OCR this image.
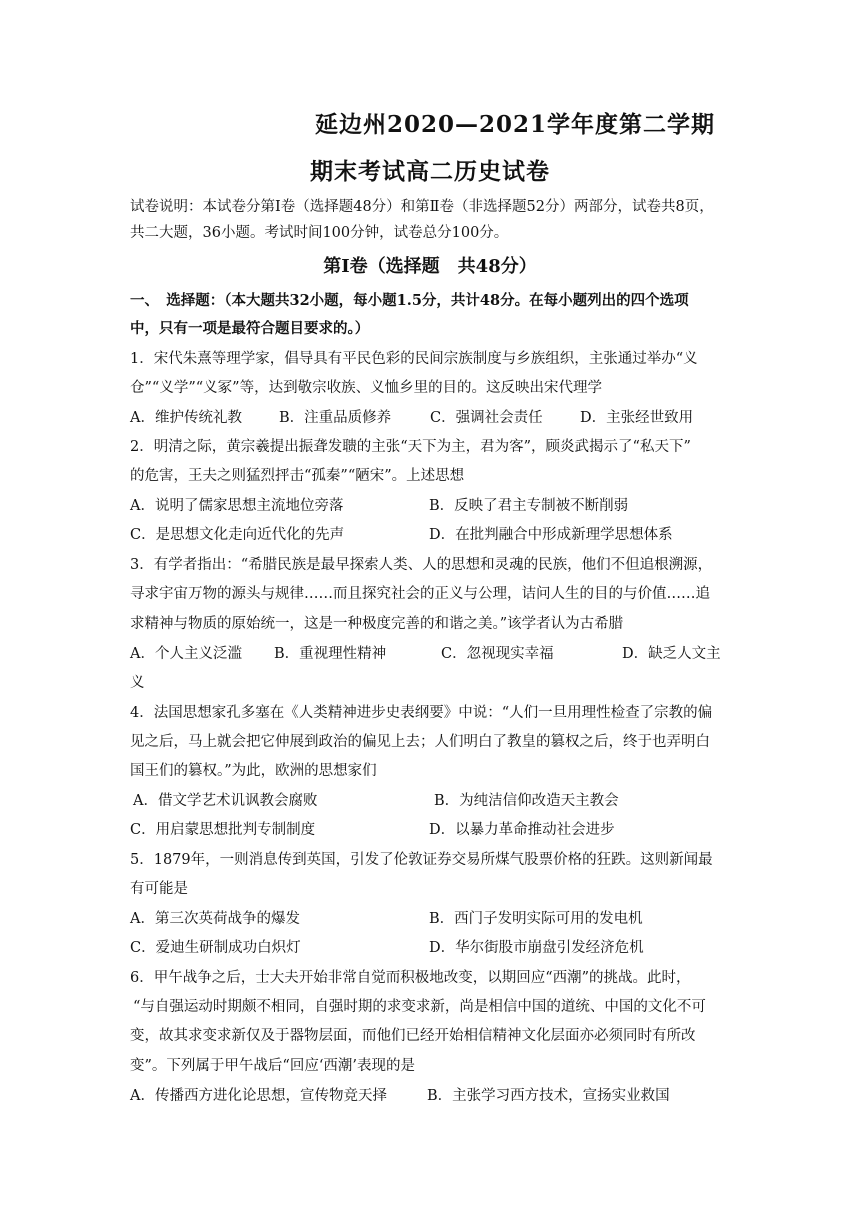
延边州2020—2021学年度第二学期
期末考试高二历史试卷
试卷说明：本试卷分第Ⅰ卷（选择题48分）和第Ⅱ卷（非选择题52分）两部分，试卷共8页，
共二大题，36小题。考试时间100分钟，试卷总分100分。
第Ⅰ卷（选择题　共48分）
一、　选择题：（本大题共32小题，每小题1.5分，共计48分。在每小题列出的四个选项
中，只有一项是最符合题目要求的。）
1．宋代朱熹等理学家，倡导具有平民色彩的民间宗族制度与乡族组织，主张通过举办“义
仓”“义学”“义冢”等，达到敬宗收族、义恤乡里的目的。这反映出宋代理学
A．维护传统礼教	B．注重品质修养	C．强调社会责任	D．主张经世致用
2．明清之际，黄宗羲提出振聋发聩的主张“天下为主，君为客”，顾炎武揭示了“私天下”
的危害，王夫之则猛烈抨击“孤秦”“陋宋”。上述思想
A．说明了儒家思想主流地位旁落	B．反映了君主专制被不断削弱
C．是思想文化走向近代化的先声	D．在批判融合中形成新理学思想体系
3．有学者指出：“希腊民族是最早探索人类、人的思想和灵魂的民族，他们不但追根溯源，
寻求宇宙万物的源头与规律……而且探究社会的正义与公理，诘问人生的目的与价值……追
求精神与物质的原始统一，这是一种极度完善的和谐之美。”该学者认为古希腊
A．个人主义泛滥 B．重视理性精神	C．忽视现实幸福	D．缺乏人文主
义
4．法国思想家孔多塞在《人类精神进步史表纲要》中说：“人们一旦用理性检查了宗教的偏
见之后，马上就会把它伸展到政治的偏见上去；人们明白了教皇的篡权之后，终于也弄明白
国王们的篡权。”为此，欧洲的思想家们
A．借文学艺术讥讽教会腐败	B．为纯洁信仰改造天主教会
C．用启蒙思想批判专制制度	D．以暴力革命推动社会进步
5．1879年，一则消息传到英国，引发了伦敦证券交易所煤气股票价格的狂跌。这则新闻最
有可能是
A．第三次英荷战争的爆发	B．西门子发明实际可用的发电机
C．爱迪生研制成功白炽灯	D．华尔街股市崩盘引发经济危机
6．甲午战争之后，士大夫开始非常自觉而积极地改变，以期回应“西潮”的挑战。此时，
“与自强运动时期颇不相同，自强时期的求变求新，尚是相信中国的道统、中国的文化不可
变，故其求变求新仅及于器物层面，而他们已经开始相信精神文化层面亦必须同时有所改
变”。下列属于甲午战后“回应‘西潮’表现的是
A．传播西方进化论思想，宣传物竞天择	B．主张学习西方技术，宣扬实业救国
